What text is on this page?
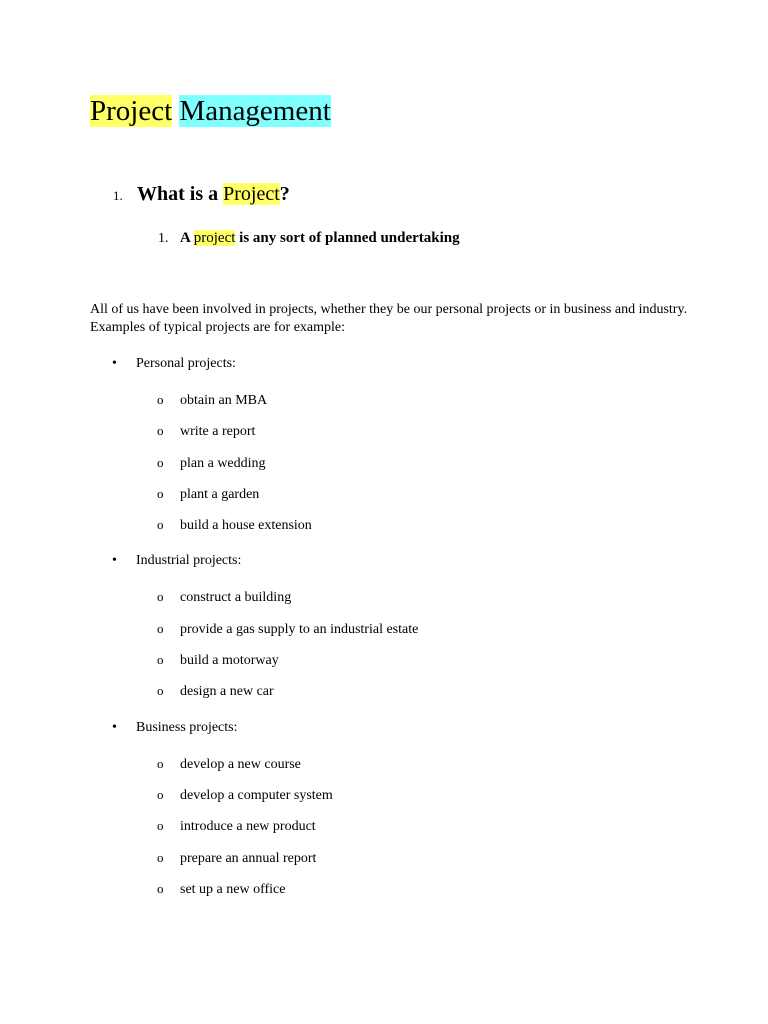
Project Management
1. What is a Project?
1. A project is any sort of planned undertaking

All of us have been involved in projects, whether they be our personal projects or in business and industry. Examples of typical projects are for example:

• Personal projects:
o obtain an MBA
o write a report
o plan a wedding
o plant a garden
o build a house extension
• Industrial projects:
o construct a building
o provide a gas supply to an industrial estate
o build a motorway
o design a new car
• Business projects:
o develop a new course
o develop a computer system
o introduce a new product
o prepare an annual report
o set up a new office
